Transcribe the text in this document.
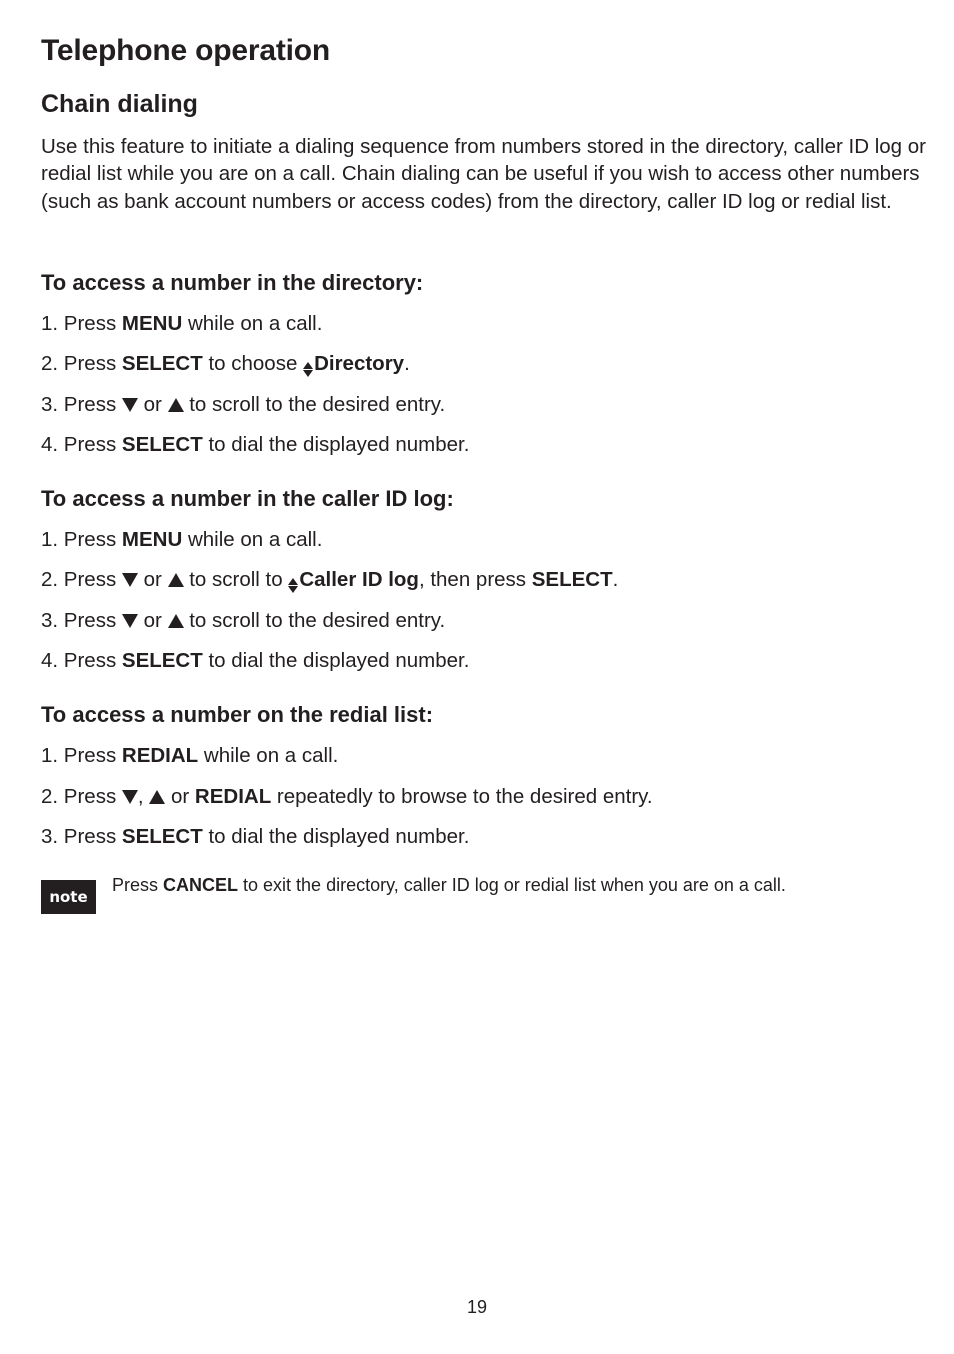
Telephone operation
Chain dialing

Use this feature to initiate a dialing sequence from numbers stored in the directory, caller ID log or redial list while you are on a call. Chain dialing can be useful if you wish to access other numbers (such as bank account numbers or access codes) from the directory, caller ID log or redial list.

To access a number in the directory:

1. Press MENU while on a call.

2. Press SELECT to choose
Directory.

3. Press  or  to scroll to the desired entry.

4. Press SELECT to dial the displayed number.

To access a number in the caller ID log:

1. Press MENU while on a call.

2. Press  or  to scroll to
Caller ID log, then press SELECT.

3. Press  or  to scroll to the desired entry.

4. Press SELECT to dial the displayed number.

To access a number on the redial list:

1. Press REDIAL while on a call.

2. Press ,  or REDIAL repeatedly to browse to the desired entry.

3. Press SELECT to dial the displayed number.

note

Press CANCEL to exit the directory, caller ID log or redial list when you are on a call.

19
